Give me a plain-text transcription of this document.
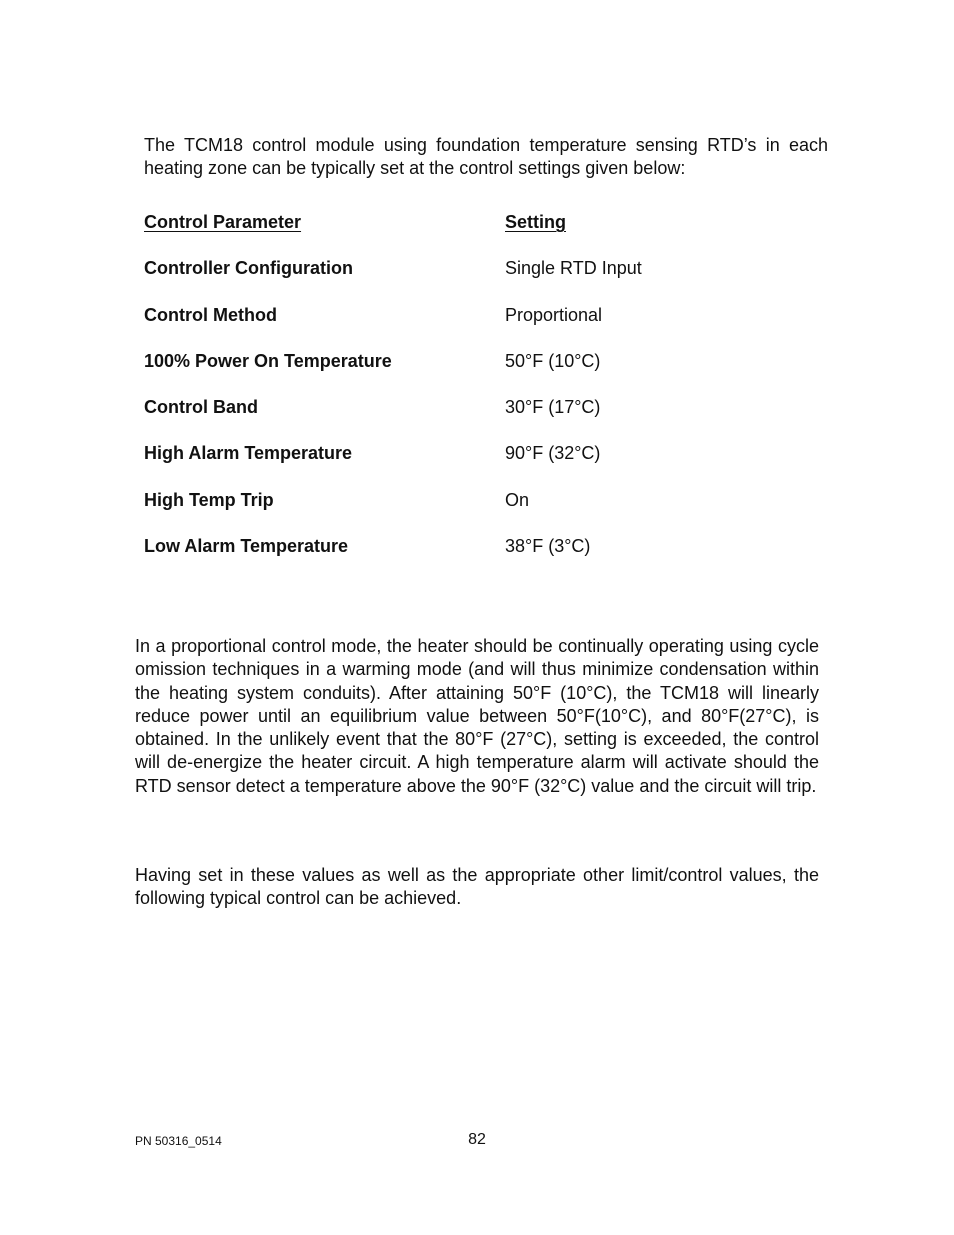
The TCM18 control module using foundation temperature sensing RTD’s in each heating zone can be typically set at the control settings given below:

Control Parameter	Setting
Controller Configuration	Single RTD Input
Control Method	Proportional
100% Power On Temperature	50°F (10°C)
Control Band	30°F (17°C)
High Alarm Temperature	90°F (32°C)
High Temp Trip	On
Low Alarm Temperature	38°F (3°C)

In a proportional control mode, the heater should be continually operating using cycle omission techniques in a warming mode (and will thus minimize condensation within the heating system conduits). After attaining 50°F (10°C), the TCM18 will linearly reduce power until an equilibrium value between 50°F(10°C), and 80°F(27°C), is obtained. In the unlikely event that the 80°F (27°C), setting is exceeded, the control will de-energize the heater circuit. A high temperature alarm will activate should the RTD sensor detect a temperature above the 90°F (32°C) value and the circuit will trip.

Having set in these values as well as the appropriate other limit/control values, the following typical control can be achieved.

PN 50316_0514	82
